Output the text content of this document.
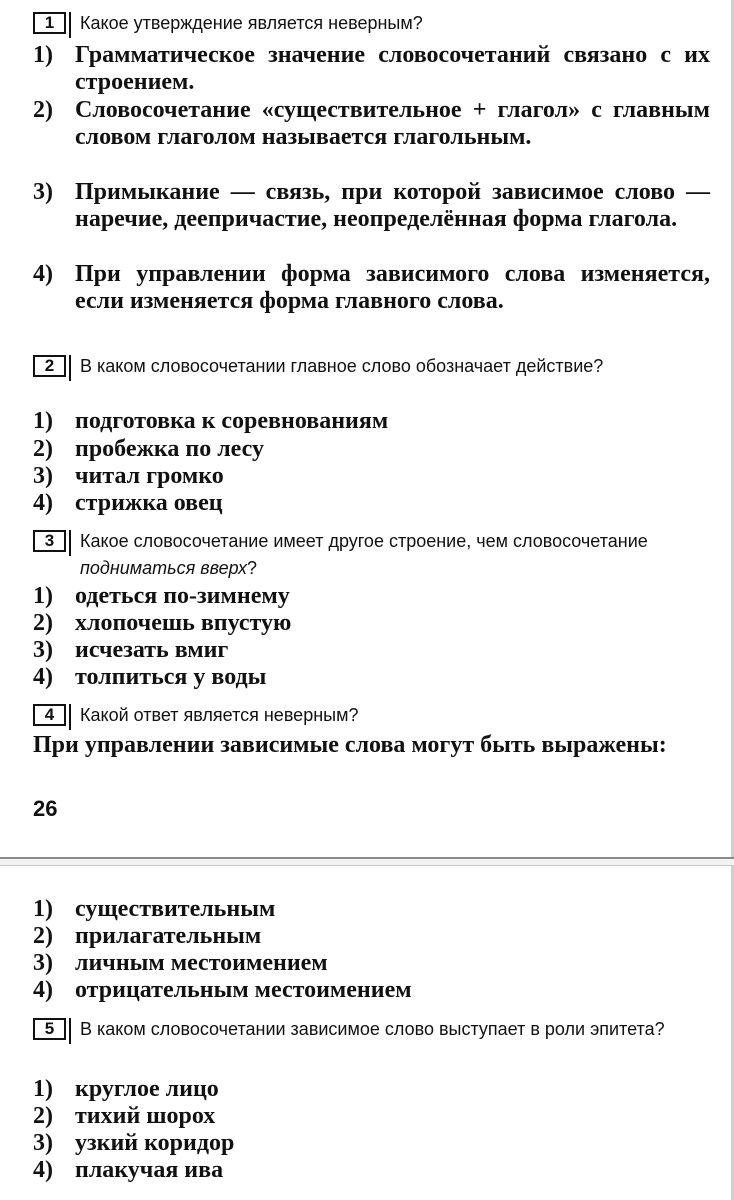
1	Какое утверждение является неверным?
1) Грамматическое значение словосочетаний связано с их строением.
2) Словосочетание «существительное + глагол» с главным словом глаголом называется глагольным.
3) Примыкание — связь, при которой зависимое слово — наречие, деепричастие, неопределённая форма глагола.
4) При управлении форма зависимого слова изменяется, если изменяется форма главного слова.
2	В каком словосочетании главное слово обозначает действие?
1) подготовка к соревнованиям
2) пробежка по лесу
3) читал громко
4) стрижка овец
3	Какое словосочетание имеет другое строение, чем словосочетание подниматься вверх?
1) одеться по-зимнему
2) хлопочешь впустую
3) исчезать вмиг
4) толпиться у воды
4	Какой ответ является неверным?
При управлении зависимые слова могут быть выражены:
26
1) существительным
2) прилагательным
3) личным местоимением
4) отрицательным местоимением
5	В каком словосочетании зависимое слово выступает в роли эпитета?
1) круглое лицо
2) тихий шорох
3) узкий коридор
4) плакучая ива
